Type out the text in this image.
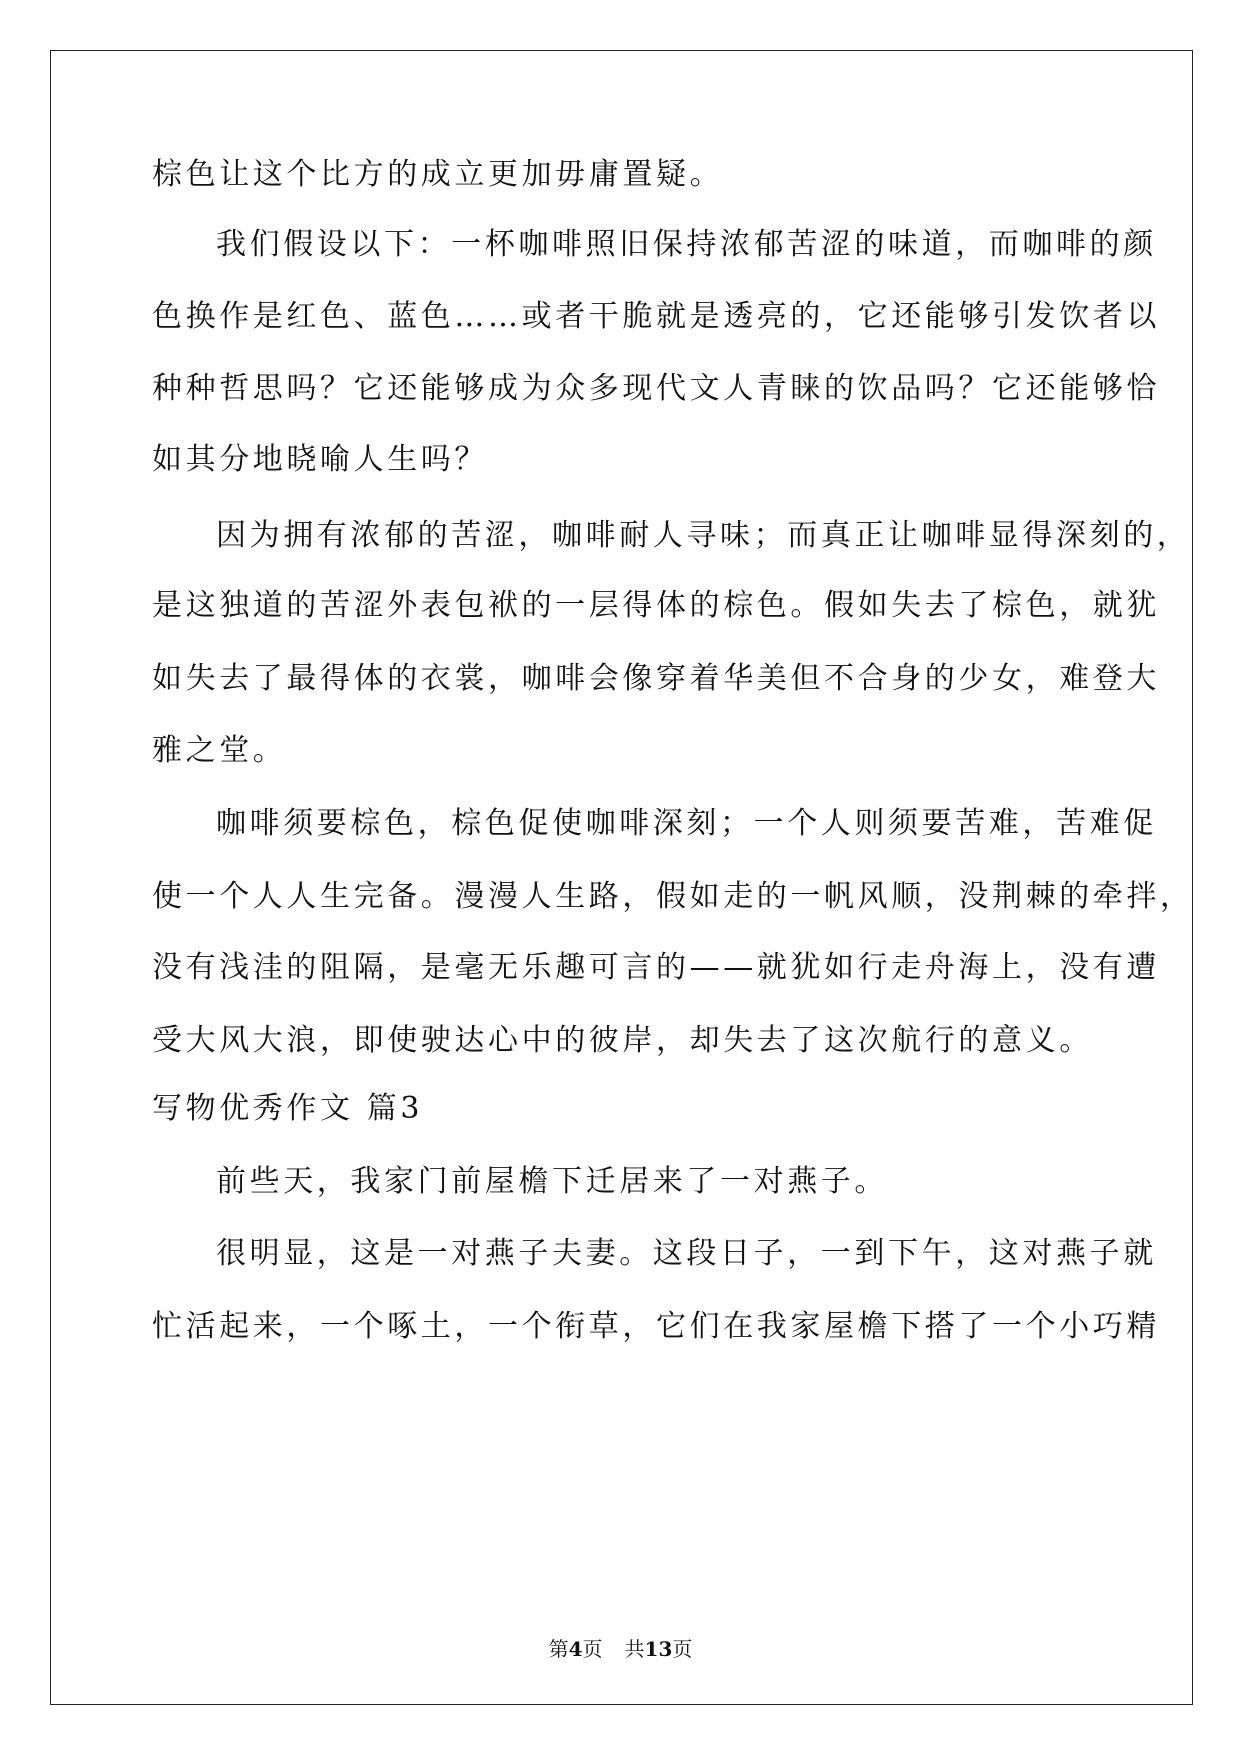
棕色让这个比方的成立更加毋庸置疑。
我们假设以下：一杯咖啡照旧保持浓郁苦涩的味道，而咖啡的颜
色换作是红色、蓝色……或者干脆就是透亮的，它还能够引发饮者以
种种哲思吗？它还能够成为众多现代文人青睐的饮品吗？它还能够恰
如其分地晓喻人生吗？
因为拥有浓郁的苦涩，咖啡耐人寻味；而真正让咖啡显得深刻的，
是这独道的苦涩外表包袱的一层得体的棕色。假如失去了棕色，就犹
如失去了最得体的衣裳，咖啡会像穿着华美但不合身的少女，难登大
雅之堂。
咖啡须要棕色，棕色促使咖啡深刻；一个人则须要苦难，苦难促
使一个人人生完备。漫漫人生路，假如走的一帆风顺，没荆棘的牵拌，
没有浅洼的阻隔，是毫无乐趣可言的——就犹如行走舟海上，没有遭
受大风大浪，即使驶达心中的彼岸，却失去了这次航行的意义。
写物优秀作文 篇3
前些天，我家门前屋檐下迁居来了一对燕子。
很明显，这是一对燕子夫妻。这段日子，一到下午，这对燕子就
忙活起来，一个啄土，一个衔草，它们在我家屋檐下搭了一个小巧精
第4页 共13页
